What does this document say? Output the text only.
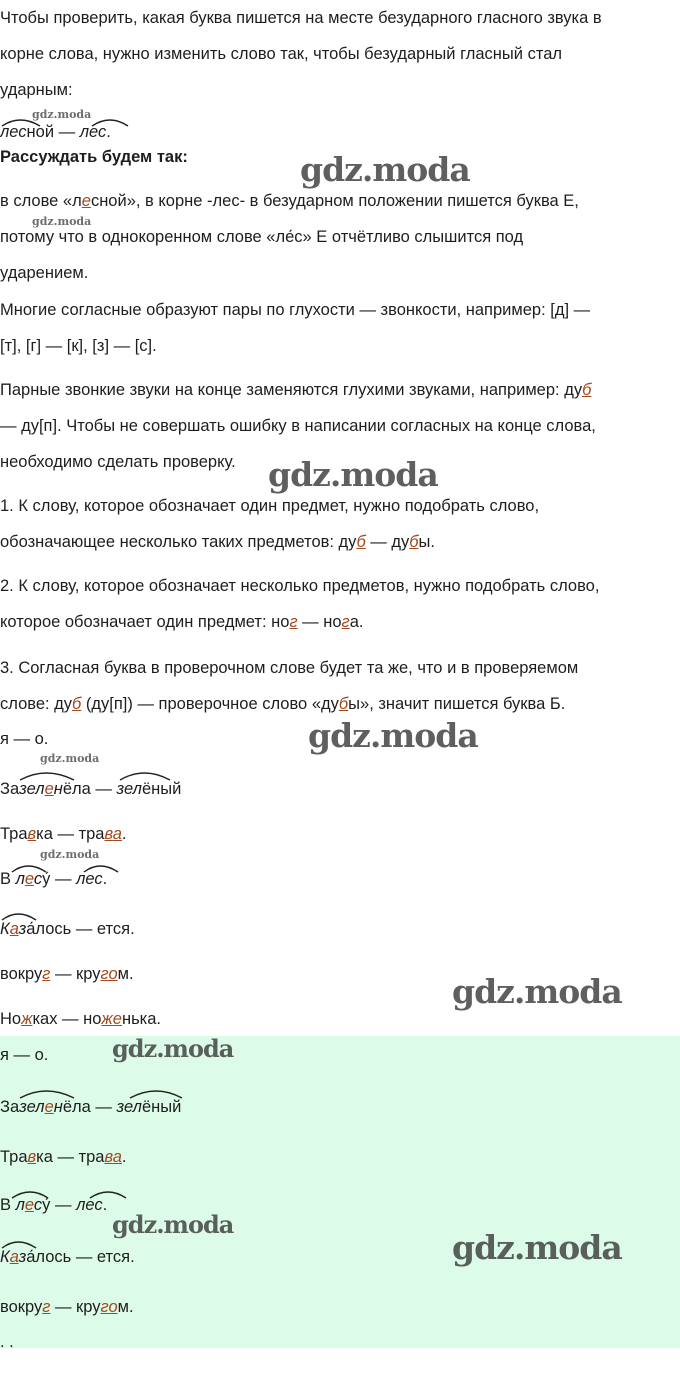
Чтобы проверить, какая буква пишется на месте безударного гласного звука в
корне слова, нужно изменить слово так, чтобы безударный гласный стал
ударным:
лесной — лес.
gdz.moda
Рассуждать будем так:
в слове «лесной», в корне -лес- в безударном положении пишется буква Е,
потому что в однокоренном слове «ле́с» Е отчётливо слышится под
ударением.
gdz.moda
Многие согласные образуют пары по глухости — звонкости, например: [д] —
[т], [г] — [к], [з] — [с].
Парные звонкие звуки на конце заменяются глухими звуками, например: дуб
— ду[п]. Чтобы не совершать ошибку в написании согласных на конце слова,
необходимо сделать проверку.
1. К слову, которое обозначает один предмет, нужно подобрать слово,
обозначающее несколько таких предметов: дуб — дубы.
2. К слову, которое обозначает несколько предметов, нужно подобрать слово,
которое обозначает один предмет: ног — нога.
3. Согласная буква в проверочном слове будет та же, что и в проверяемом
слове: дуб (ду[п]) — проверочное слово «дубы», значит пишется буква Б.
я — о.
gdz.moda
Зазеленёла — зелёный
Травка — трава.
gdz.moda
В лесу́ — лес.
Каза́лось — ется.
вокруг — кругом.
Ножках — ноженька.
я — о.
Зазеленёла — зелёный
Травка — трава.
В лесу́ — лес.
Каза́лось — ется.
вокруг — кругом.
. .
gdz.moda
gdz.moda
gdz.moda
gdz.moda
gdz.moda
gdz.moda
gdz.moda
